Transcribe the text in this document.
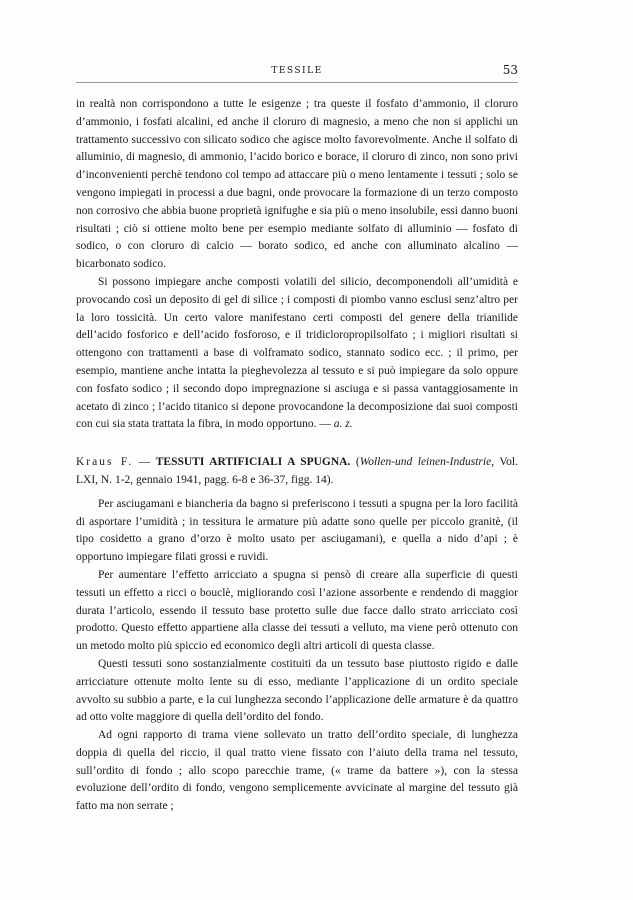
TESSILE	53

in realtà non corrispondono a tutte le esigenze ; tra queste il fosfato d’ammonio, il cloruro d’ammonio, i fosfati alcalini, ed anche il cloruro di magnesio, a meno che non si applichi un trattamento successivo con silicato sodico che agisce molto favorevolmente. Anche il solfato di alluminio, di magnesio, di ammonio, l’acido borico e borace, il cloruro di zinco, non sono privi d’inconvenienti perchè tendono col tempo ad attaccare più o meno lentamente i tessuti ; solo se vengono impiegati in processi a due bagni, onde provocare la formazione di un terzo composto non corrosivo che abbia buone proprietà ignifughe e sia più o meno insolubile, essi danno buoni risultati ; ciò si ottiene molto bene per esempio mediante solfato di alluminio — fosfato di sodico, o con cloruro di calcio — borato sodico, ed anche con alluminato alcalino — bicarbonato sodico.

Si possono impiegare anche composti volatili del silicio, decomponendoli all’umidità e provocando così un deposito di gel di silice ; i composti di piombo vanno esclusi senz’altro per la loro tossicità. Un certo valore manifestano certi composti del genere della trianilide dell’acido fosforico e dell’acido fosforoso, e il tridicloropropilsolfato ; i migliori risultati si ottengono con trattamenti a base di volframato sodico, stannato sodico ecc. ; il primo, per esempio, mantiene anche intatta la pieghevolezza al tessuto e si può impiegare da solo oppure con fosfato sodico ; il secondo dopo impregnazione si asciuga e si passa vantaggiosamente in acetato di zinco ; l’acido titanico si depone provocandone la decomposizione dai suoi composti con cui sia stata trattata la fibra, in modo opportuno. — a. z.

Kraus F. — TESSUTI ARTIFICIALI A SPUGNA. (Wollen-und leinen-Industrie, Vol. LXI, N. 1-2, gennaio 1941, pagg. 6-8 e 36-37, figg. 14).

Per asciugamani e biancheria da bagno si preferiscono i tessuti a spugna per la loro facilità di asportare l’umidità ; in tessitura le armature più adatte sono quelle per piccolo granitè, (il tipo cosidetto a grano d’orzo è molto usato per asciugamani), e quella a nido d’api ; è opportuno impiegare filati grossi e ruvidi.

Per aumentare l’effetto arricciato a spugna si pensò di creare alla superficie di questi tessuti un effetto a ricci o bouclè, migliorando così l’azione assorbente e rendendo di maggior durata l’articolo, essendo il tessuto base protetto sulle due facce dallo strato arricciato così prodotto. Questo effetto appartiene alla classe dei tessuti a velluto, ma viene però ottenuto con un metodo molto più spiccio ed economico degli altri articoli di questa classe.

Questi tessuti sono sostanzialmente costituiti da un tessuto base piuttosto rigido e dalle arricciature ottenute molto lente su di esso, mediante l’applicazione di un ordito speciale avvolto su subbio a parte, e la cui lunghezza secondo l’applicazione delle armature è da quattro ad otto volte maggiore di quella dell’ordito del fondo.

Ad ogni rapporto di trama viene sollevato un tratto dell’ordito speciale, di lunghezza doppia di quella del riccio, il qual tratto viene fissato con l’aiuto della trama nel tessuto, sull’ordito di fondo ; allo scopo parecchie trame, (« trame da battere »), con la stessa evoluzione dell’ordito di fondo, vengono semplicemente avvicinate al margine del tessuto già fatto ma non serrate ;
